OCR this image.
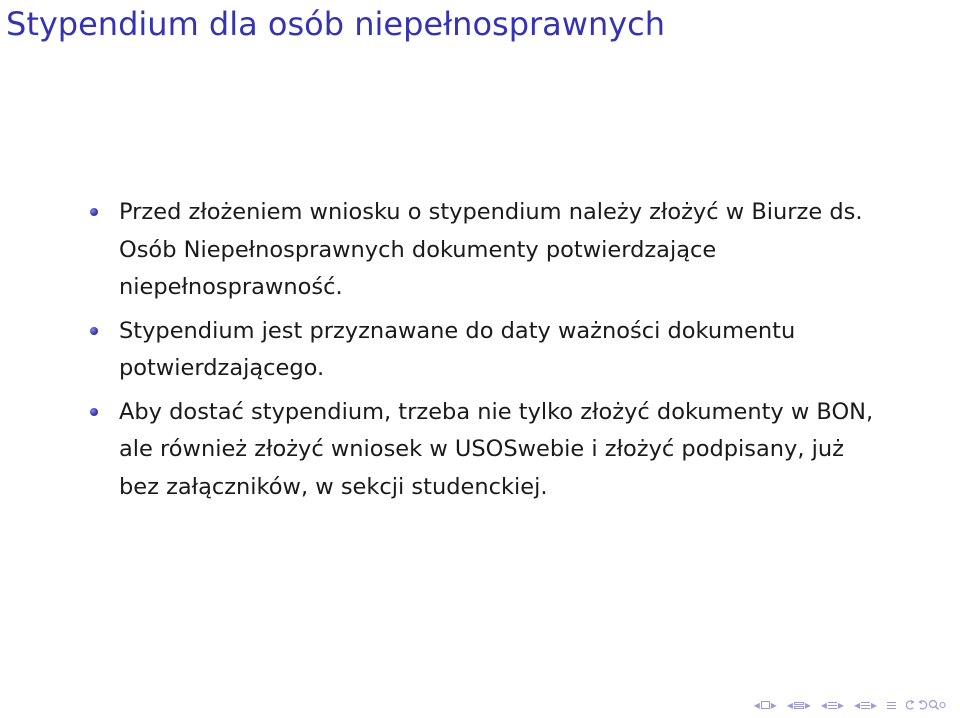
Stypendium dla osób niepełnosprawnych
Przed złożeniem wniosku o stypendium należy złożyć w Biurze ds. Osób Niepełnosprawnych dokumenty potwierdzające niepełnosprawność.
Stypendium jest przyznawane do daty ważności dokumentu potwierdzającego.
Aby dostać stypendium, trzeba nie tylko złożyć dokumenty w BON, ale również złożyć wniosek w USOSwebie i złożyć podpisany, już bez załączników, w sekcji studenckiej.
◂ ▸ ◂ ▸ ◂ ▸ ◂ ▸
